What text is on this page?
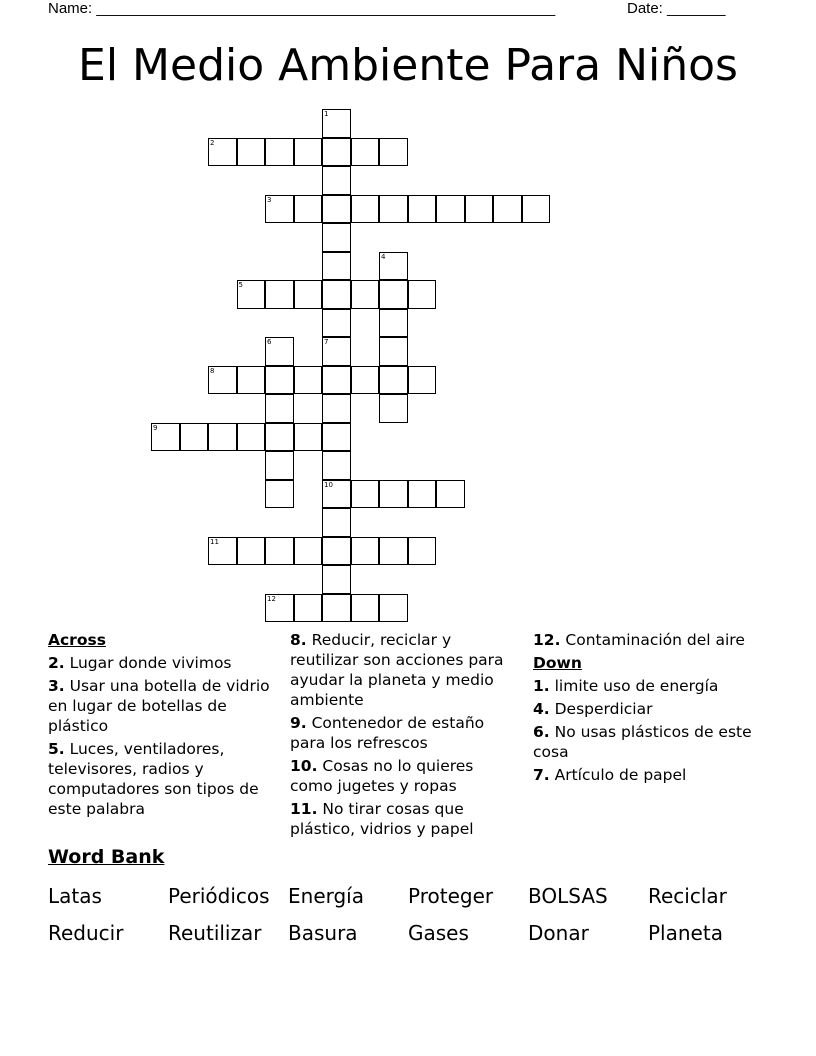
Name: _______________________________________________________	Date: _______
El Medio Ambiente Para Niños
1
7
2
3
4
5
6
10
8
9
11
12
Across
2. Lugar donde vivimos
3. Usar una botella de vidrio en lugar de botellas de plástico
5. Luces, ventiladores, televisores, radios y computadores son tipos de este palabra
8. Reducir, reciclar y reutilizar son acciones para ayudar la planeta y medio ambiente
9. Contenedor de estaño para los refrescos
10. Cosas no lo quieres como jugetes y ropas
11. No tirar cosas que plástico, vidrios y papel
12. Contaminación del aire
Down
1. limite uso de energía
4. Desperdiciar
6. No usas plásticos de este cosa
7. Artículo de papel
Word Bank
Latas	Periódicos Energía Proteger BOLSAS Reciclar
Reducir Reutilizar Basura	Gases	Donar	Planeta
